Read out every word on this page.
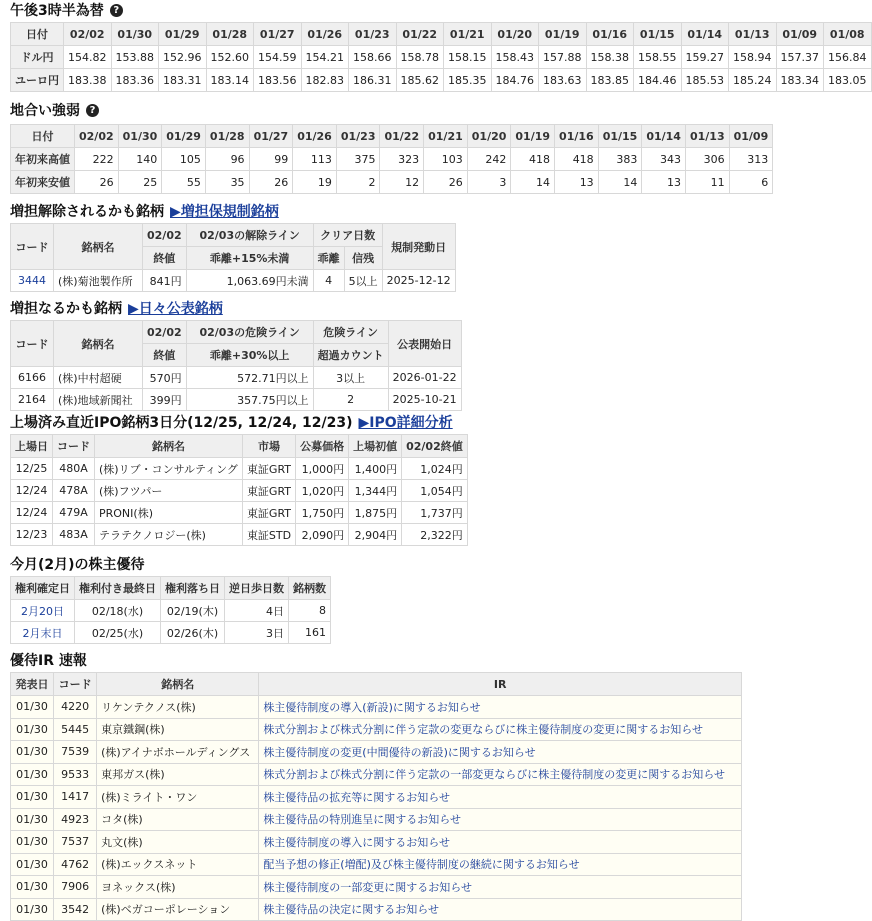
午後3時半為替 ?
日付	02/02	01/30	01/29	01/28	01/27	01/26	01/23	01/22	01/21	01/20	01/19	01/16	01/15	01/14	01/13	01/09	01/08
ドル円	154.82	153.88	152.96	152.60	154.59	154.21	158.66	158.78	158.15	158.43	157.88	158.38	158.55	159.27	158.94	157.37	156.84
ユーロ円	183.38	183.36	183.31	183.14	183.56	182.83	186.31	185.62	185.35	184.76	183.63	183.85	184.46	185.53	185.24	183.34	183.05
地合い強弱 ?
日付	02/02	01/30	01/29	01/28	01/27	01/26	01/23	01/22	01/21	01/20	01/19	01/16	01/15	01/14	01/13	01/09
年初来高値	222	140	105	96	99	113	375	323	103	242	418	418	383	343	306	313
年初来安値	26	25	55	35	26	19	2	12	26	3	14	13	14	13	11	6
増担解除されるかも銘柄 ▶増担保規制銘柄
コード	銘柄名	02/02	02/03の解除ライン	クリア日数		規制発動日
		終値	乖離+15%未満	乖離	信残	
3444	(株)菊池製作所	841円	1,063.69円未満	4	5以上	2025-12-12
増担なるかも銘柄 ▶日々公表銘柄
コード	銘柄名	02/02	02/03の危険ライン	危険ライン	公表開始日
		終値	乖離+30%以上	超過カウント	
6166	(株)中村超硬	570円	572.71円以上	3以上	2026-01-22
2164	(株)地域新聞社	399円	357.75円以上	2	2025-10-21
上場済み直近IPO銘柄3日分(12/25, 12/24, 12/23) ▶IPO詳細分析
上場日	コード	銘柄名	市場	公募価格	上場初値	02/02終値
12/25	480A	(株)リブ・コンサルティング	東証GRT	1,000円	1,400円	1,024円
12/24	478A	(株)フツパー	東証GRT	1,020円	1,344円	1,054円
12/24	479A	PRONI(株)	東証GRT	1,750円	1,875円	1,737円
12/23	483A	テラテクノロジー(株)	東証STD	2,090円	2,904円	2,322円
今月(2月)の株主優待
権利確定日	権利付き最終日	権利落ち日	逆日歩日数	銘柄数
2月20日	02/18(水)	02/19(木)	4日	8
2月末日	02/25(水)	02/26(木)	3日	161
優待IR 速報
発表日	コード	銘柄名	IR
01/30	4220	リケンテクノス(株)	株主優待制度の導入(新設)に関するお知らせ
01/30	5445	東京鐵鋼(株)	株式分割および株式分割に伴う定款の変更ならびに株主優待制度の変更に関するお知らせ
01/30	7539	(株)アイナボホールディングス	株主優待制度の変更(中間優待の新設)に関するお知らせ
01/30	9533	東邦ガス(株)	株式分割および株式分割に伴う定款の一部変更ならびに株主優待制度の変更に関するお知らせ
01/30	1417	(株)ミライト・ワン	株主優待品の拡充等に関するお知らせ
01/30	4923	コタ(株)	株主優待品の特別進呈に関するお知らせ
01/30	7537	丸文(株)	株主優待制度の導入に関するお知らせ
01/30	4762	(株)エックスネット	配当予想の修正(増配)及び株主優待制度の継続に関するお知らせ
01/30	7906	ヨネックス(株)	株主優待制度の一部変更に関するお知らせ
01/30	3542	(株)ベガコーポレーション	株主優待品の決定に関するお知らせ
